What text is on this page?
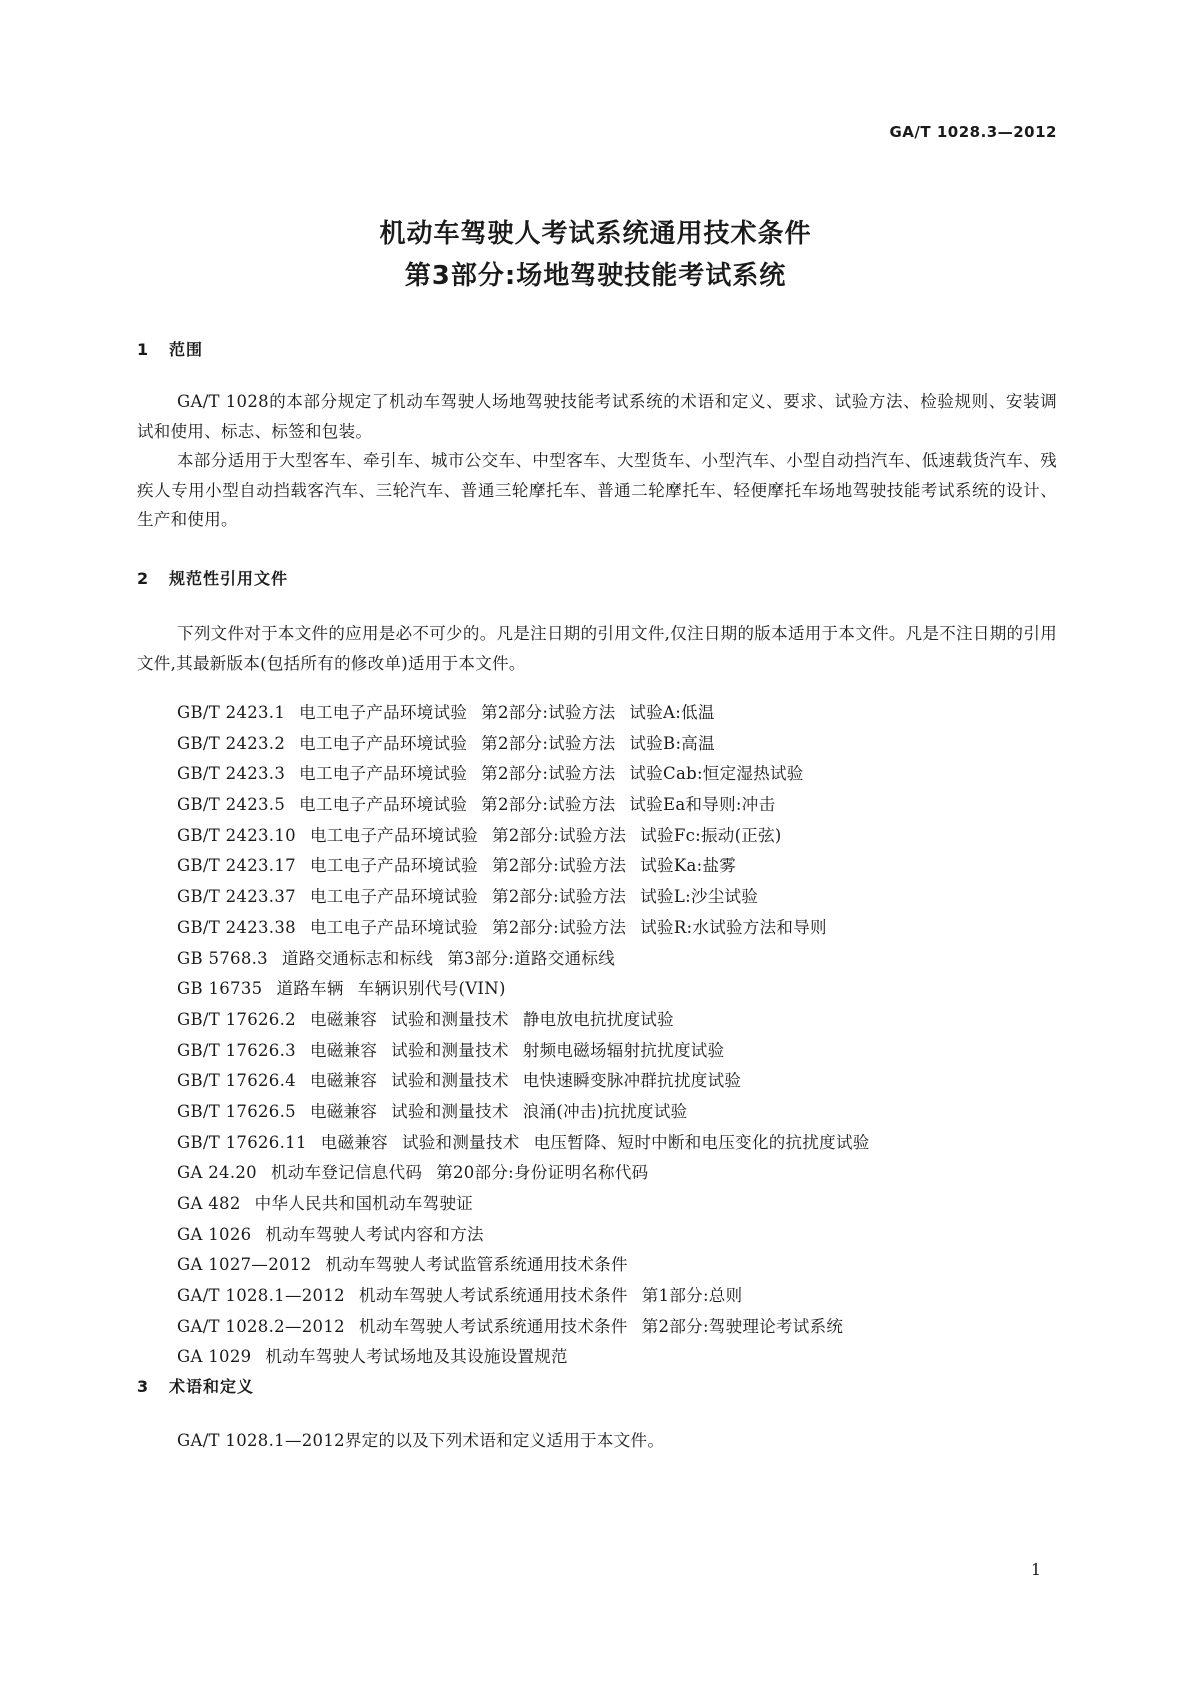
GA/T 1028.3—2012
机动车驾驶人考试系统通用技术条件
第3部分:场地驾驶技能考试系统
1 范围
GA/T 1028的本部分规定了机动车驾驶人场地驾驶技能考试系统的术语和定义、要求、试验方法、检验规则、安装调试和使用、标志、标签和包装。
本部分适用于大型客车、牵引车、城市公交车、中型客车、大型货车、小型汽车、小型自动挡汽车、低速载货汽车、残疾人专用小型自动挡载客汽车、三轮汽车、普通三轮摩托车、普通二轮摩托车、轻便摩托车场地驾驶技能考试系统的设计、生产和使用。
2 规范性引用文件
下列文件对于本文件的应用是必不可少的。凡是注日期的引用文件,仅注日期的版本适用于本文件。凡是不注日期的引用文件,其最新版本(包括所有的修改单)适用于本文件。
GB/T 2423.1 电工电子产品环境试验 第2部分:试验方法 试验A:低温
GB/T 2423.2 电工电子产品环境试验 第2部分:试验方法 试验B:高温
GB/T 2423.3 电工电子产品环境试验 第2部分:试验方法 试验Cab:恒定湿热试验
GB/T 2423.5 电工电子产品环境试验 第2部分:试验方法 试验Ea和导则:冲击
GB/T 2423.10 电工电子产品环境试验 第2部分:试验方法 试验Fc:振动(正弦)
GB/T 2423.17 电工电子产品环境试验 第2部分:试验方法 试验Ka:盐雾
GB/T 2423.37 电工电子产品环境试验 第2部分:试验方法 试验L:沙尘试验
GB/T 2423.38 电工电子产品环境试验 第2部分:试验方法 试验R:水试验方法和导则
GB 5768.3 道路交通标志和标线 第3部分:道路交通标线
GB 16735 道路车辆 车辆识别代号(VIN)
GB/T 17626.2 电磁兼容 试验和测量技术 静电放电抗扰度试验
GB/T 17626.3 电磁兼容 试验和测量技术 射频电磁场辐射抗扰度试验
GB/T 17626.4 电磁兼容 试验和测量技术 电快速瞬变脉冲群抗扰度试验
GB/T 17626.5 电磁兼容 试验和测量技术 浪涌(冲击)抗扰度试验
GB/T 17626.11 电磁兼容 试验和测量技术 电压暂降、短时中断和电压变化的抗扰度试验
GA 24.20 机动车登记信息代码 第20部分:身份证明名称代码
GA 482 中华人民共和国机动车驾驶证
GA 1026 机动车驾驶人考试内容和方法
GA 1027—2012 机动车驾驶人考试监管系统通用技术条件
GA/T 1028.1—2012 机动车驾驶人考试系统通用技术条件 第1部分:总则
GA/T 1028.2—2012 机动车驾驶人考试系统通用技术条件 第2部分:驾驶理论考试系统
GA 1029 机动车驾驶人考试场地及其设施设置规范
3 术语和定义
GA/T 1028.1—2012界定的以及下列术语和定义适用于本文件。
1
